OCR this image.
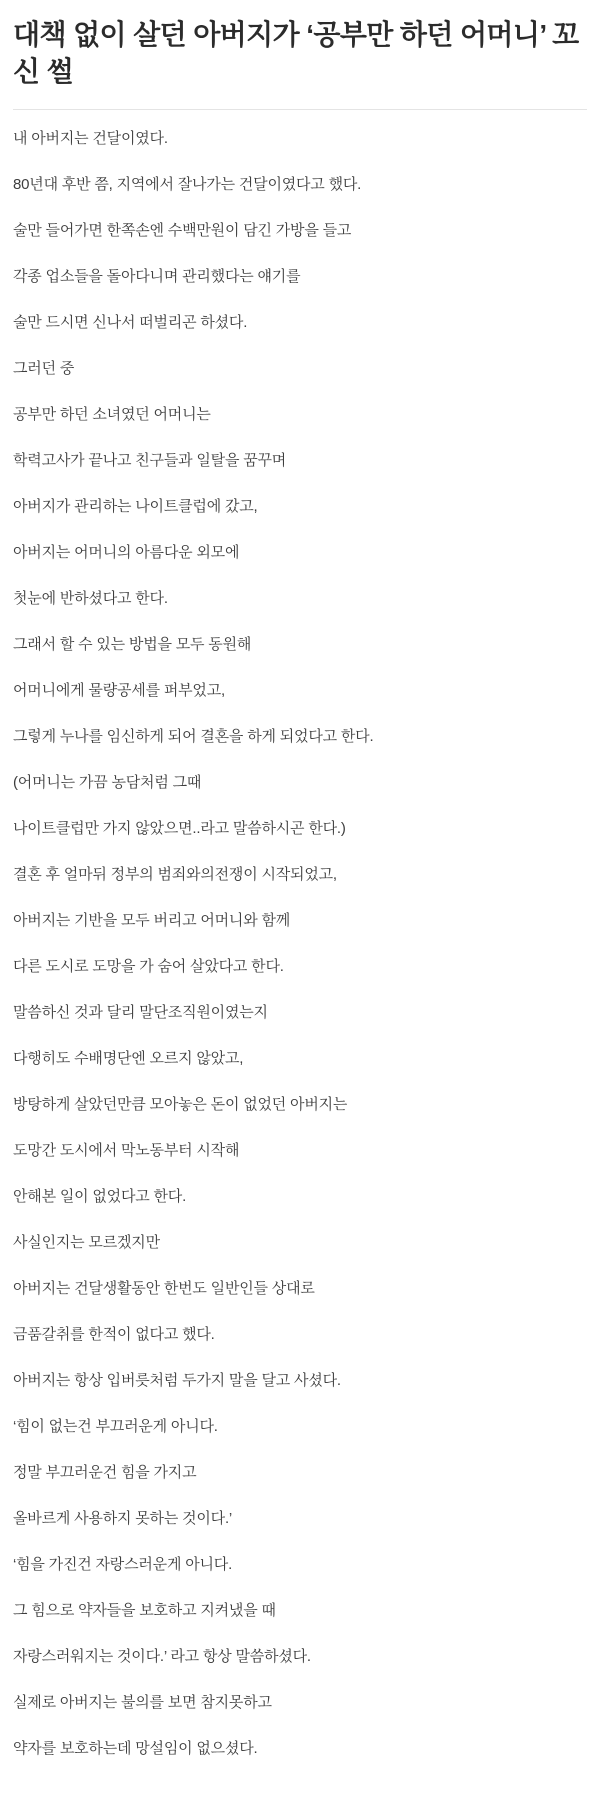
대책 없이 살던 아버지가 ‘공부만 하던 어머니’ 꼬신 썰

내 아버지는 건달이였다.

80년대 후반 쯤, 지역에서 잘나가는 건달이였다고 했다.

술만 들어가면 한쪽손엔 수백만원이 담긴 가방을 들고

각종 업소들을 돌아다니며 관리했다는 얘기를

술만 드시면 신나서 떠벌리곤 하셨다.

그러던 중

공부만 하던 소녀였던 어머니는

학력고사가 끝나고 친구들과 일탈을 꿈꾸며

아버지가 관리하는 나이트클럽에 갔고,

아버지는 어머니의 아름다운 외모에

첫눈에 반하셨다고 한다.

그래서 할 수 있는 방법을 모두 동원해

어머니에게 물량공세를 퍼부었고,

그렇게 누나를 임신하게 되어 결혼을 하게 되었다고 한다.

(어머니는 가끔 농담처럼 그때

나이트클럽만 가지 않았으면..라고 말씀하시곤 한다.)

결혼 후 얼마뒤 정부의 범죄와의전쟁이 시작되었고,

아버지는 기반을 모두 버리고 어머니와 함께

다른 도시로 도망을 가 숨어 살았다고 한다.

말씀하신 것과 달리 말단조직원이였는지

다행히도 수배명단엔 오르지 않았고,

방탕하게 살았던만큼 모아놓은 돈이 없었던 아버지는

도망간 도시에서 막노동부터 시작해

안해본 일이 없었다고 한다.

사실인지는 모르겠지만

아버지는 건달생활동안 한번도 일반인들 상대로

금품갈취를 한적이 없다고 했다.

아버지는 항상 입버릇처럼 두가지 말을 달고 사셨다.

‘힘이 없는건 부끄러운게 아니다.

정말 부끄러운건 힘을 가지고

올바르게 사용하지 못하는 것이다.’

‘힘을 가진건 자랑스러운게 아니다.

그 힘으로 약자들을 보호하고 지켜냈을 때

자랑스러워지는 것이다.’ 라고 항상 말씀하셨다.

실제로 아버지는 불의를 보면 참지못하고

약자를 보호하는데 망설임이 없으셨다.
